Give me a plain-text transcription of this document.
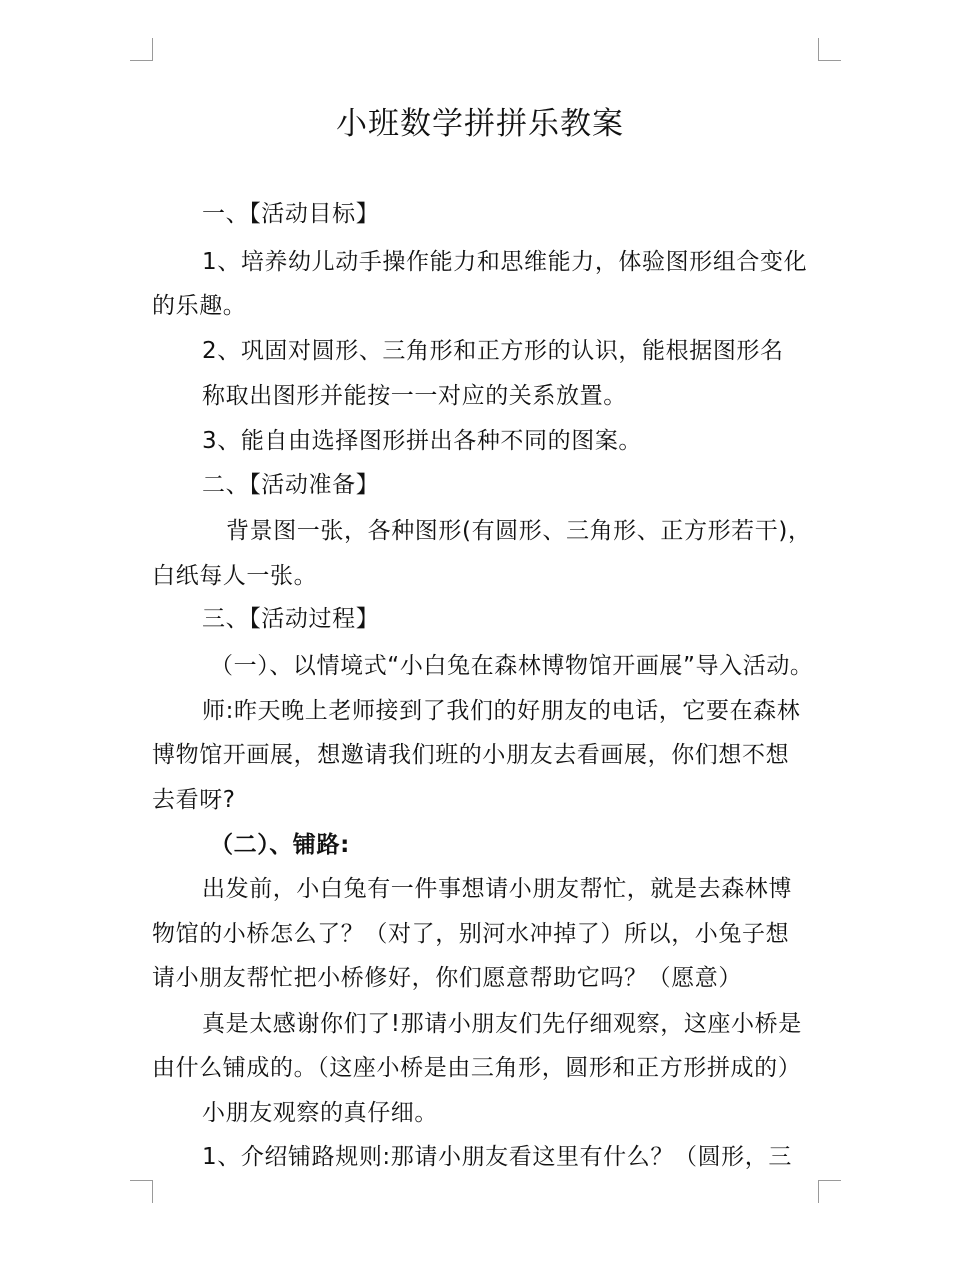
小班数学拼拼乐教案
一、【活动目标】
1、培养幼儿动手操作能力和思维能力，体验图形组合变化
的乐趣。
2、巩固对圆形、三角形和正方形的认识，能根据图形名
称取出图形并能按一一对应的关系放置。
3、能自由选择图形拼出各种不同的图案。
二、【活动准备】
背景图一张，各种图形(有圆形、三角形、正方形若干)，
白纸每人一张。
三、【活动过程】
（一）、以情境式“小白兔在森林博物馆开画展”导入活动。
师:昨天晚上老师接到了我们的好朋友的电话，它要在森林
博物馆开画展，想邀请我们班的小朋友去看画展，你们想不想
去看呀?
（二）、铺路:
出发前，小白兔有一件事想请小朋友帮忙，就是去森林博
物馆的小桥怎么了？（对了，别河水冲掉了）所以，小兔子想
请小朋友帮忙把小桥修好，你们愿意帮助它吗？（愿意）
真是太感谢你们了!那请小朋友们先仔细观察，这座小桥是
由什么铺成的。（这座小桥是由三角形，圆形和正方形拼成的）
小朋友观察的真仔细。
1、介绍铺路规则:那请小朋友看这里有什么？（圆形，三
